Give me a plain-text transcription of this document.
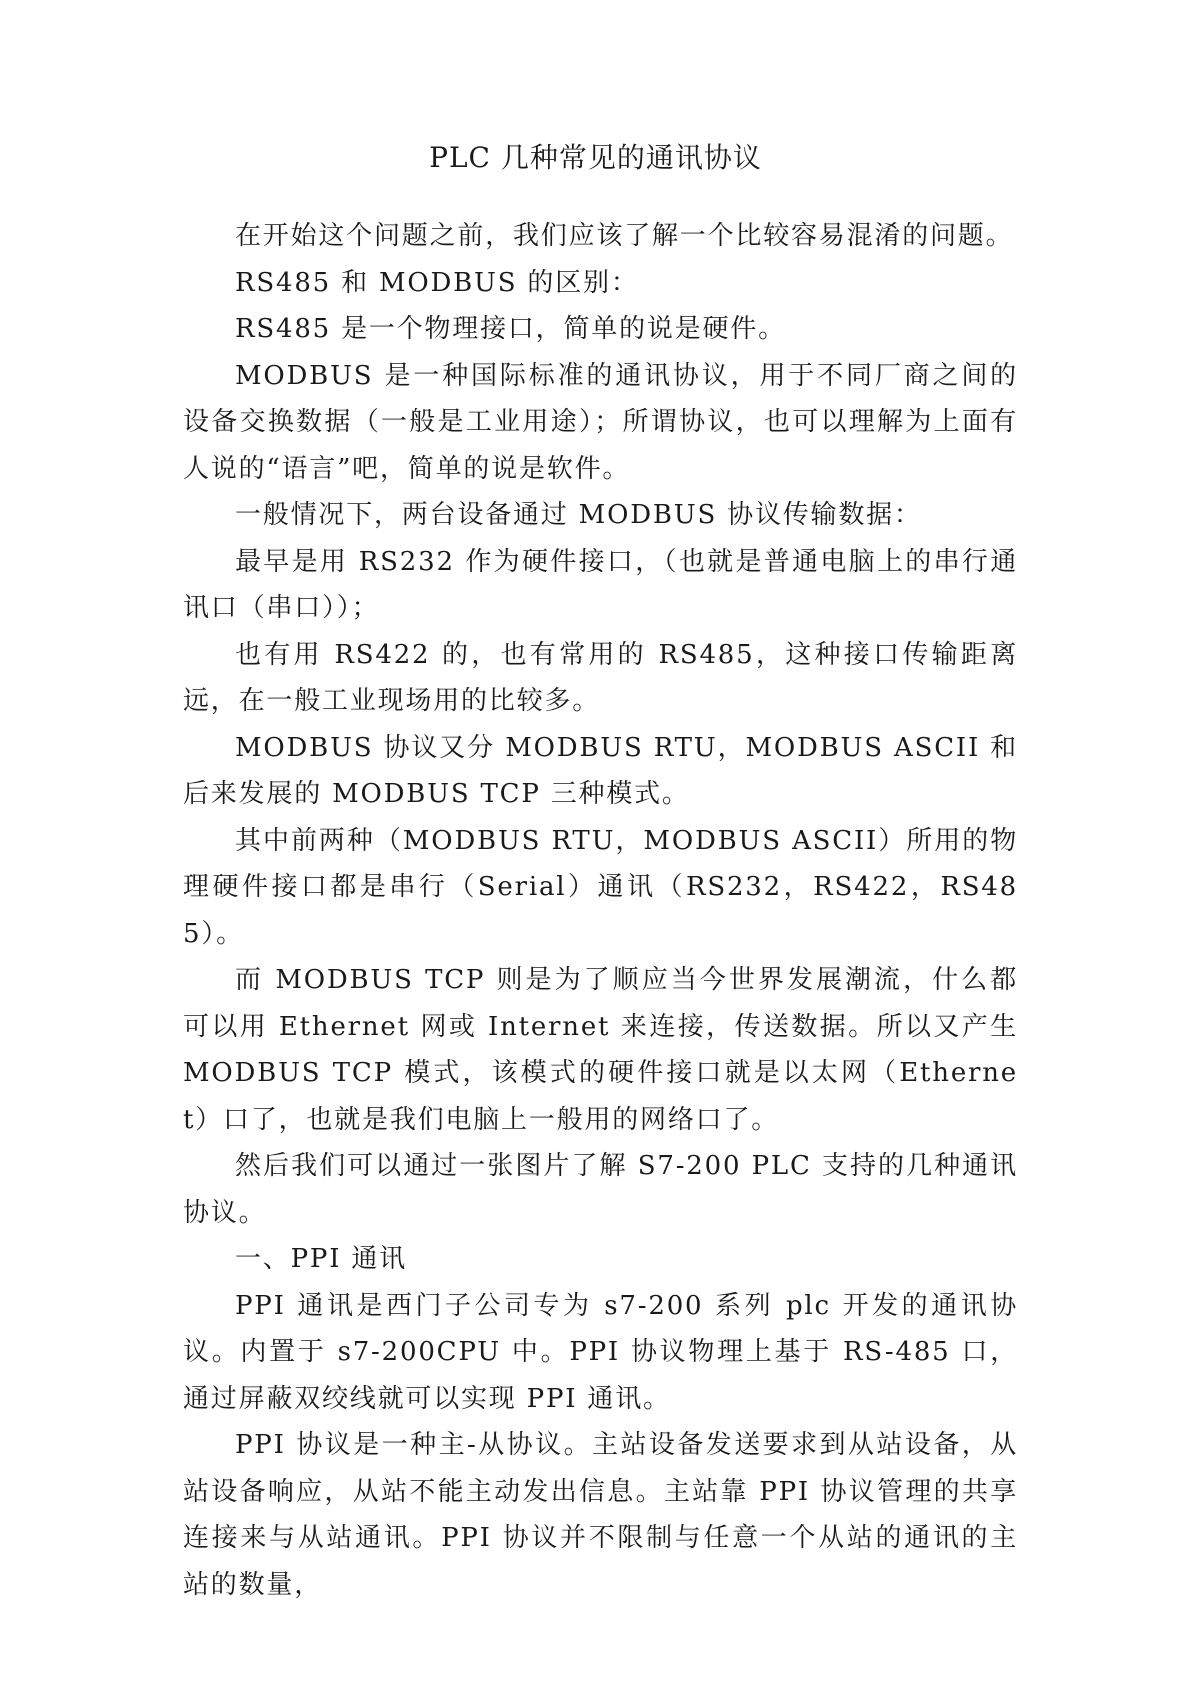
PLC 几种常见的通讯协议

在开始这个问题之前，我们应该了解一个比较容易混淆的问题。

RS485 和 MODBUS 的区别：

RS485 是一个物理接口，简单的说是硬件。

MODBUS 是一种国际标准的通讯协议，用于不同厂商之间的设备交换数据（一般是工业用途）；所谓协议，也可以理解为上面有人说的“语言”吧，简单的说是软件。

一般情况下，两台设备通过 MODBUS 协议传输数据：

最早是用 RS232 作为硬件接口，（也就是普通电脑上的串行通讯口（串口））；

也有用 RS422 的，也有常用的 RS485，这种接口传输距离远，在一般工业现场用的比较多。

MODBUS 协议又分 MODBUS RTU，MODBUS ASCII 和后来发展的 MODBUS TCP 三种模式。

其中前两种（MODBUS RTU，MODBUS ASCII）所用的物理硬件接口都是串行（Serial）通讯（RS232，RS422，RS485）。

而 MODBUS TCP 则是为了顺应当今世界发展潮流，什么都可以用 Ethernet 网或 Internet 来连接，传送数据。所以又产生 MODBUS TCP 模式，该模式的硬件接口就是以太网（Ethernet）口了，也就是我们电脑上一般用的网络口了。

然后我们可以通过一张图片了解 S7-200 PLC 支持的几种通讯协议。

一、PPI 通讯

PPI 通讯是西门子公司专为 s7-200 系列 plc 开发的通讯协议。内置于 s7-200CPU 中。PPI 协议物理上基于 RS-485 口，通过屏蔽双绞线就可以实现 PPI 通讯。

PPI 协议是一种主-从协议。主站设备发送要求到从站设备，从站设备响应，从站不能主动发出信息。主站靠 PPI 协议管理的共享连接来与从站通讯。PPI 协议并不限制与任意一个从站的通讯的主站的数量，
